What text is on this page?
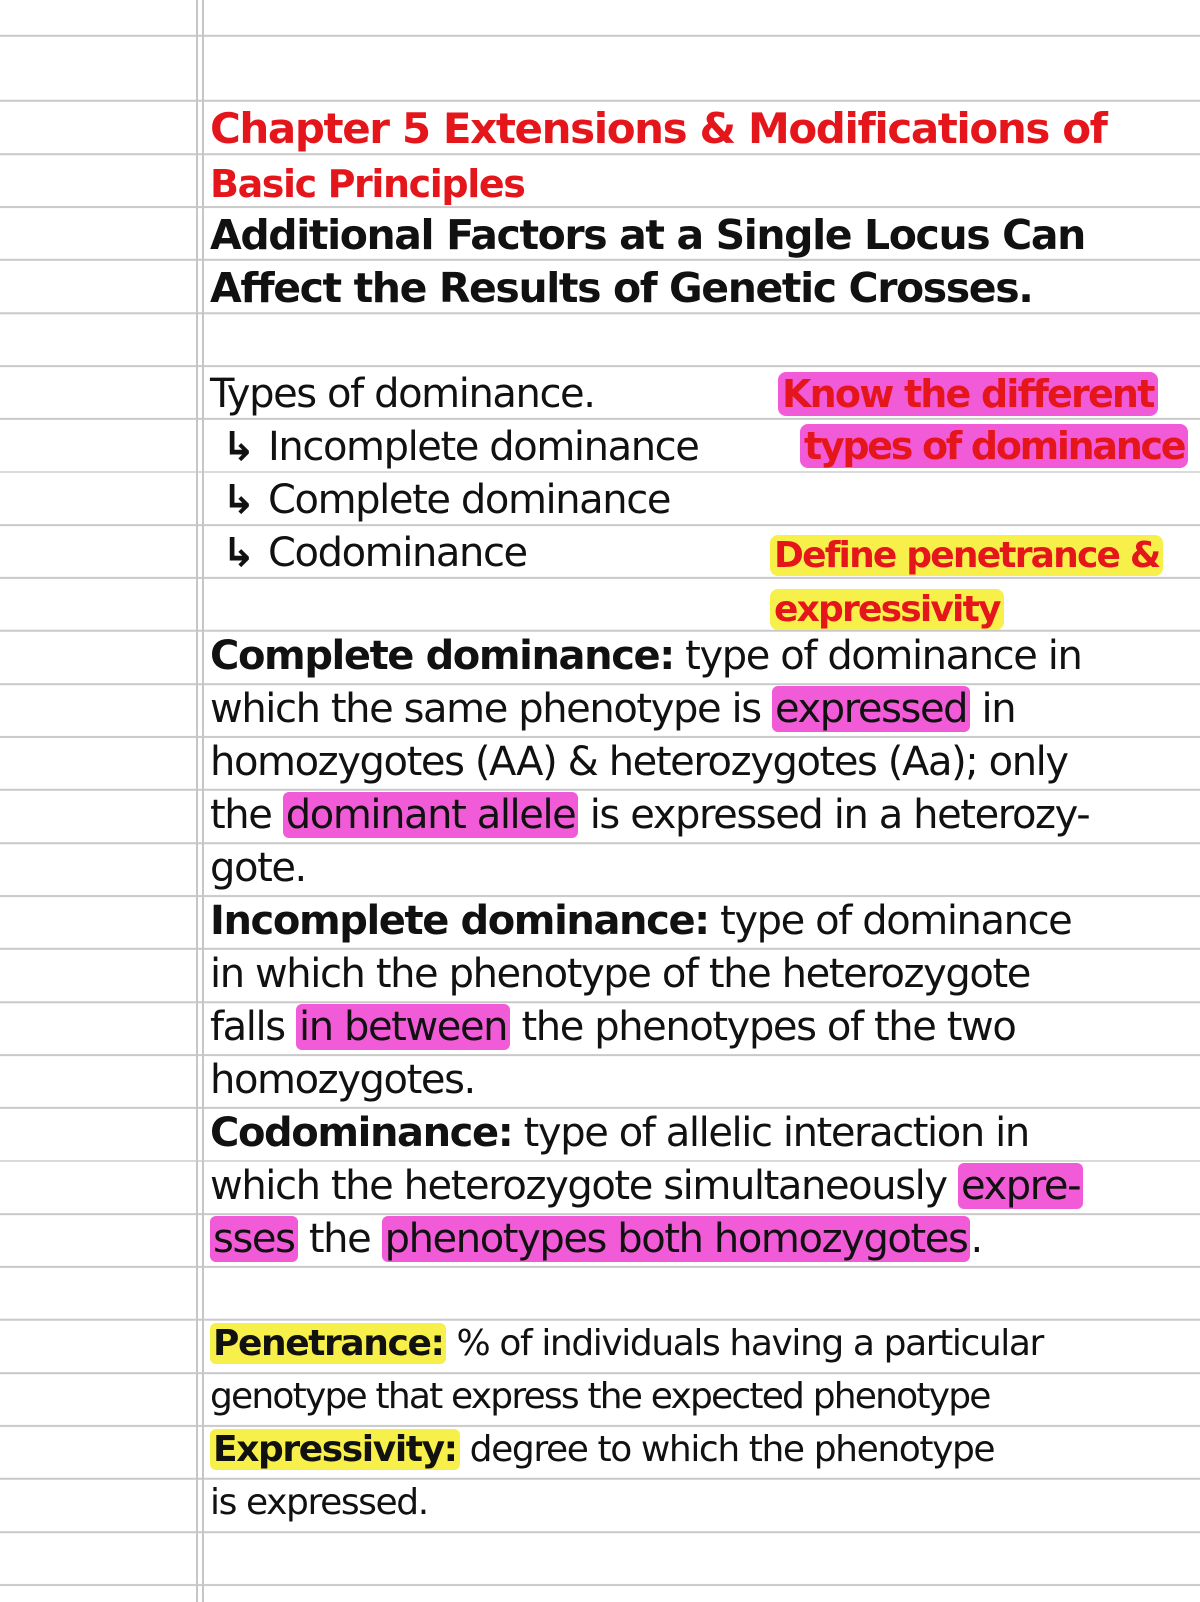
Chapter 5 Extensions & Modifications of

Basic Principles

Additional Factors at a Single Locus Can

Affect the Results of Genetic Crosses.

Types of dominance.

↳ Incomplete dominance

↳ Complete dominance

↳ Codominance

Know the different
types of dominance
Define penetrance &
expressivity

Complete dominance: type of dominance in

which the same phenotype is expressed in

homozygotes (AA) & heterozygotes (Aa); only

the dominant allele is expressed in a heterozy-

gote.

Incomplete dominance: type of dominance

in which the phenotype of the heterozygote

falls in between the phenotypes of the two

homozygotes.

Codominance: type of allelic interaction in

which the heterozygote simultaneously expre-

sses the phenotypes both homozygotes.

Penetrance: % of individuals having a particular

genotype that express the expected phenotype

Expressivity: degree to which the phenotype

is expressed.
